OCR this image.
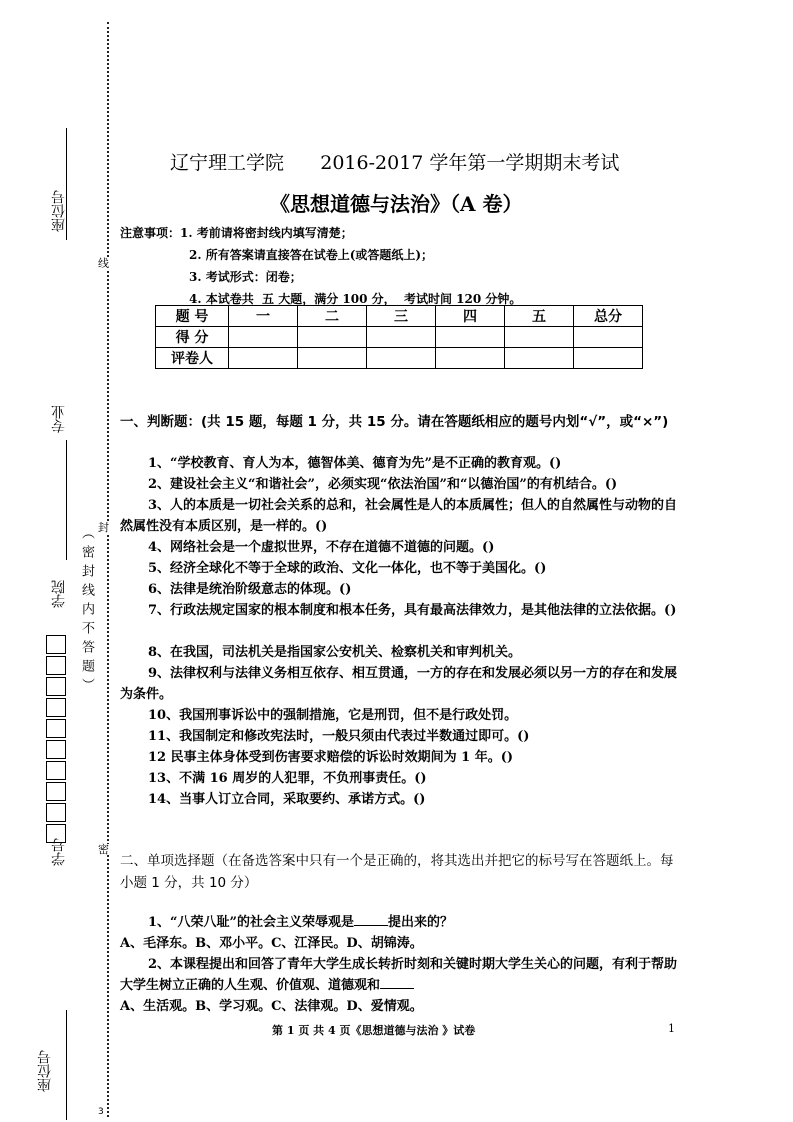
座位号
专业
学院
学号
座位号
（密封线内不答题）
线
封
密
3
辽宁理工学院      2016-2017 学年第一学期期末考试
《思想道德与法治》（A 卷）
注意事项：1. 考前请将密封线内填写清楚；
2. 所有答案请直接答在试卷上(或答题纸上)；
3. 考试形式：闭卷；
4. 本试卷共  五 大题，满分 100 分，  考试时间 120 分钟。
题 号	一	二	三	四	五	总分
得 分						
评卷人						
一、判断题：(共 15 题，每题 1 分，共 15 分。请在答题纸相应的题号内划“√”，或“×”)
1、“学校教育、育人为本，德智体美、德育为先”是不正确的教育观。()
2、建设社会主义“和谐社会”，必须实现“依法治国”和“以德治国”的有机结合。()
3、人的本质是一切社会关系的总和，社会属性是人的本质属性；但人的自然属性与动物的自然属性没有本质区别，是一样的。()
4、网络社会是一个虚拟世界，不存在道德不道德的问题。()
5、经济全球化不等于全球的政治、文化一体化，也不等于美国化。()
6、法律是统治阶级意志的体现。()
7、行政法规定国家的根本制度和根本任务，具有最高法律效力，是其他法律的立法依据。()
8、在我国，司法机关是指国家公安机关、检察机关和审判机关。
9、法律权利与法律义务相互依存、相互贯通，一方的存在和发展必须以另一方的存在和发展为条件。
10、我国刑事诉讼中的强制措施，它是刑罚，但不是行政处罚。
11、我国制定和修改宪法时，一般只须由代表过半数通过即可。()
12 民事主体身体受到伤害要求赔偿的诉讼时效期间为 1 年。()
13、不满 16 周岁的人犯罪，不负刑事责任。()
14、当事人订立合同，采取要约、承诺方式。()
二、单项选择题（在备选答案中只有一个是正确的，将其选出并把它的标号写在答题纸上。每小题 1 分，共 10 分）
1、“八荣八耻”的社会主义荣辱观是	提出来的？
A、毛泽东。B、邓小平。C、江泽民。D、胡锦涛。
2、本课程提出和回答了青年大学生成长转折时刻和关键时期大学生关心的问题，有利于帮助大学生树立正确的人生观、价值观、道德观和
A、生活观。B、学习观。C、法律观。D、爱情观。
第 1 页 共 4 页《思想道德与法治 》试卷	1
